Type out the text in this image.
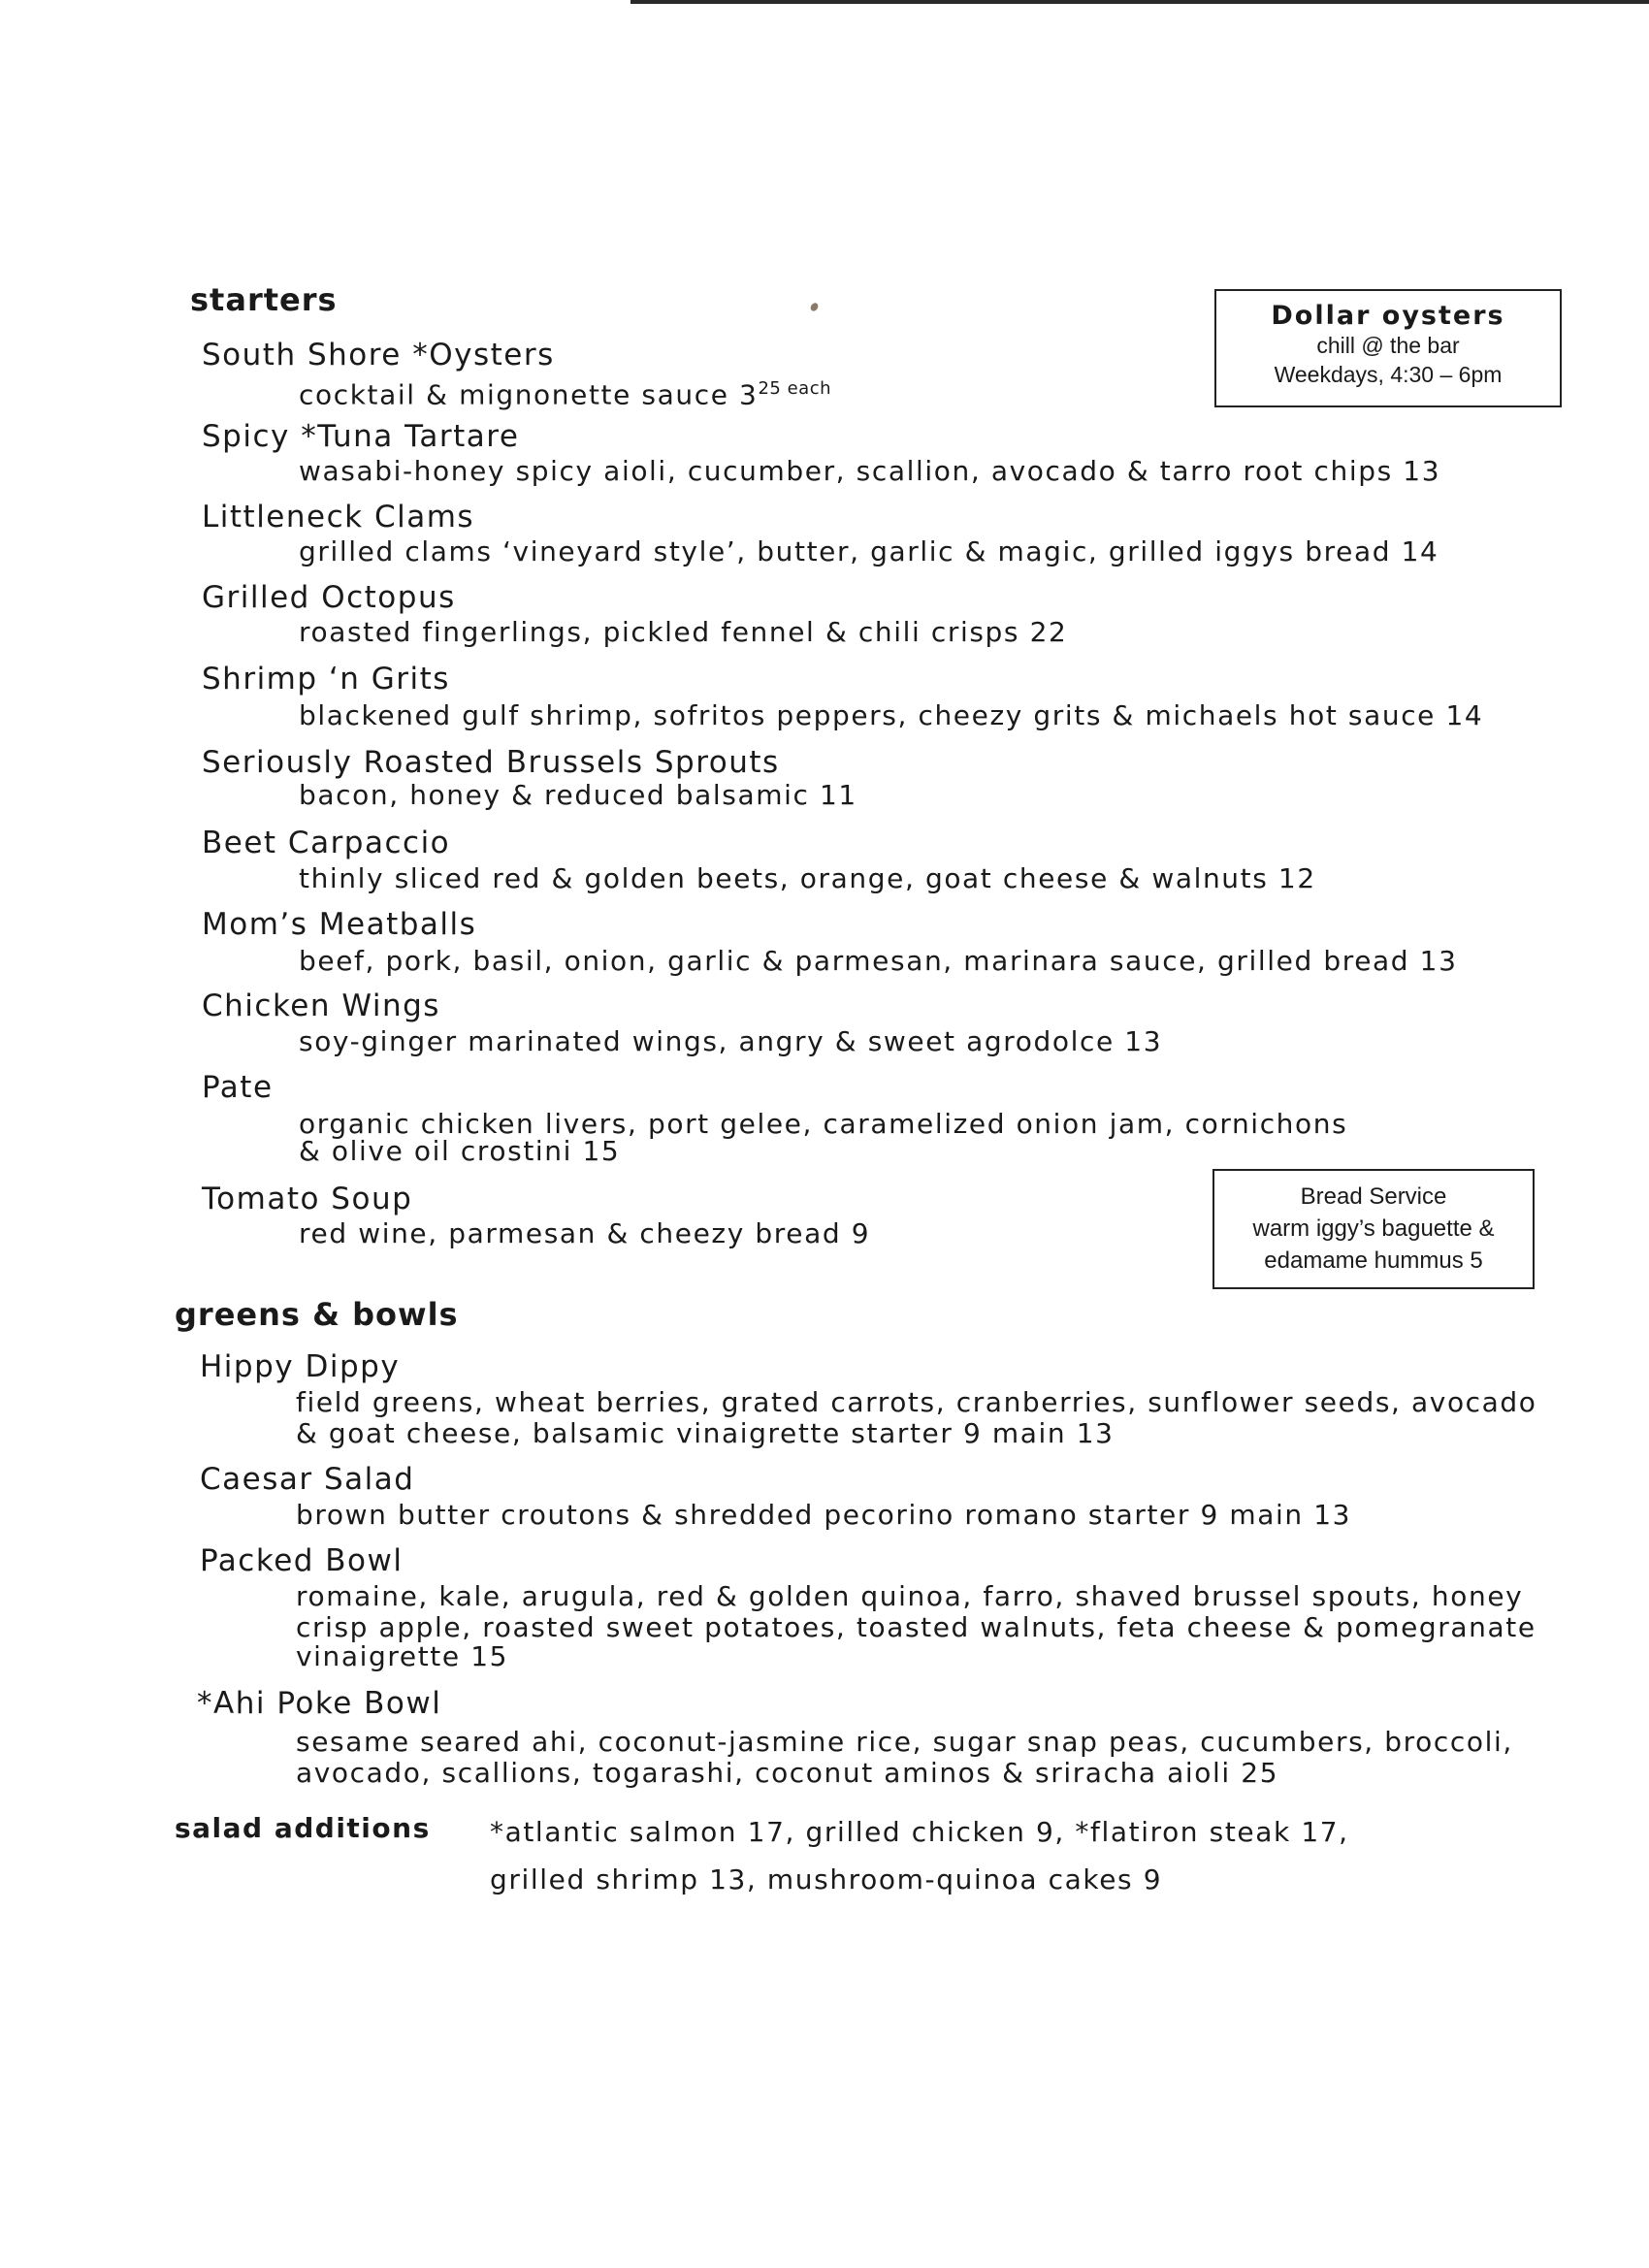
starters	Dollar oysters
chill @ the bar
Weekdays, 4:30 – 6pm
South Shore *Oysters
cocktail & mignonette sauce $3^{25 each}$
Spicy *Tuna Tartare
wasabi-honey spicy aioli, cucumber, scallion, avocado & tarro root chips 13
Littleneck Clams
grilled clams ‘vineyard style’, butter, garlic & magic, grilled iggys bread 14
Grilled Octopus
roasted fingerlings, pickled fennel & chili crisps 22
Shrimp ‘n Grits
blackened gulf shrimp, sofritos peppers, cheezy grits & michaels hot sauce 14
Seriously Roasted Brussels Sprouts
bacon, honey & reduced balsamic 11
Beet Carpaccio
thinly sliced red & golden beets, orange, goat cheese & walnuts 12
Mom’s Meatballs
beef, pork, basil, onion, garlic & parmesan, marinara sauce, grilled bread 13
Chicken Wings
soy-ginger marinated wings, angry & sweet agrodolce 13
Pate
organic chicken livers, port gelee, caramelized onion jam, cornichons
& olive oil crostini 15
Tomato Soup
red wine, parmesan & cheezy bread 9
Bread Service
warm iggy’s baguette &
edamame hummus 5
greens & bowls
Hippy Dippy
field greens, wheat berries, grated carrots, cranberries, sunflower seeds, avocado
& goat cheese, balsamic vinaigrette starter 9 main 13
Caesar Salad
brown butter croutons & shredded pecorino romano starter 9 main 13
Packed Bowl
romaine, kale, arugula, red & golden quinoa, farro, shaved brussel spouts, honey
crisp apple, roasted sweet potatoes, toasted walnuts, feta cheese & pomegranate
vinaigrette 15
*Ahi Poke Bowl
sesame seared ahi, coconut-jasmine rice, sugar snap peas, cucumbers, broccoli,
avocado, scallions, togarashi, coconut aminos & sriracha aioli 25
salad additions *atlantic salmon 17, grilled chicken 9, *flatiron steak 17,
grilled shrimp 13, mushroom-quinoa cakes 9
